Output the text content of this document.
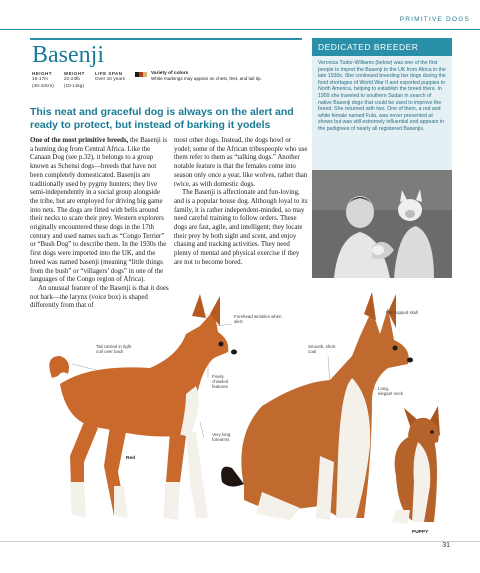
PRIMITIVE DOGS
Basenji
HEIGHT
16-17in
(40-43cm)
WEIGHT
22-24lb
(10-11kg)
LIFE SPAN
Over 10 years
Variety of colors
White markings may appear on chest, feet, and tail tip.
This neat and graceful dog is always on the alert and ready to protect, but instead of barking it yodels

One of the most primitive breeds, the Basenji is a hunting dog from Central Africa. Like the Canaan Dog (see p.32), it belongs to a group known as Schensi dogs—breeds that have not been completely domesticated. Basenjis are traditionally used by pygmy hunters; they live semi-independently in a social group alongside the tribe, but are employed for driving big game into nets. The dogs are fitted with bells around their necks to scare their prey. Western explorers originally encountered these dogs in the 17th century and used names such as “Congo Terrier” or “Bush Dog” to describe them. In the 1930s the first dogs were imported into the UK, and the breed was named basenji (meaning “little things from the bush” or “villagers’ dogs” in one of the languages of the Congo region of Africa).

An unusual feature of the Basenji is that it does not bark—the larynx (voice box) is shaped differently from that of

most other dogs. Instead, the dogs howl or yodel; some of the African tribespeople who use them refer to them as “talking dogs.” Another notable feature is that the females come into season only once a year, like wolves, rather than twice, as with domestic dogs.

The Basenji is affectionate and fun-loving, and is a popular house dog. Although loyal to its family, it is rather independent-minded, so may need careful training to follow orders. These dogs are fast, agile, and intelligent; they locate their prey by both sight and scent, and enjoy chasing and tracking activities. They need plenty of mental and physical exercise if they are not to become bored.

DEDICATED BREEDER
Veronica Tudor-Williams (below) was one of the first people to import the Basenji to the UK from Africa in the late 1930s. She continued breeding her dogs during the food shortages of World War II and exported puppies to North America, helping to establish the breed there. In 1959 she traveled to southern Sudan in search of native Basenji dogs that could be used to improve the breed. She returned with two. One of them, a red and white female named Fula, was never presented at shows but was still extremely influential and appears in the pedigrees of nearly all registered Basenjis.
Tail carried in tight curl over back
Forehead wrinkles when alert
Finely chiseled features
Very long forearms
Red
Flat-topped skull
Smooth, short coat
Long, elegant neck
PUPPY
31
